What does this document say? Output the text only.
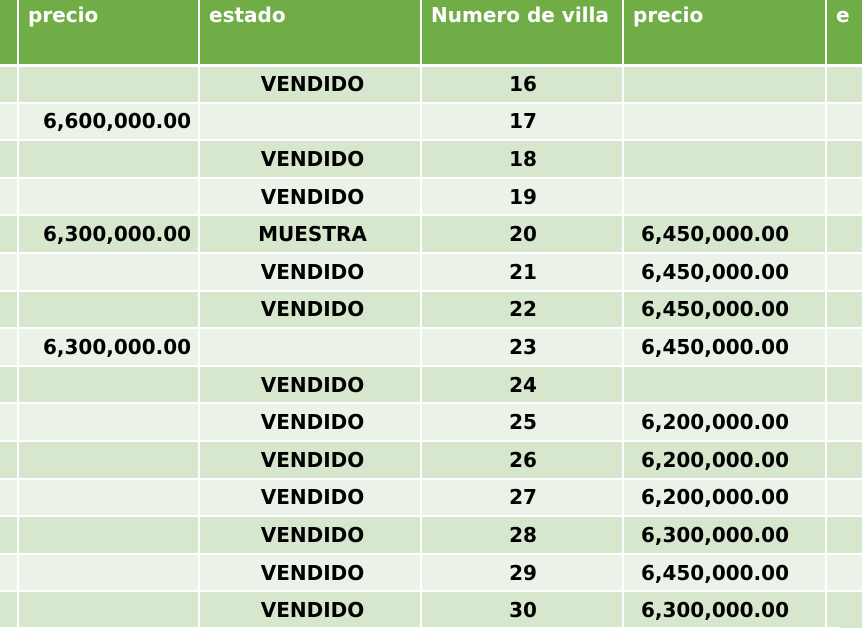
	precio	estado	Numero de villa	precio	e
		VENDIDO	16		
	6,600,000.00		17		
		VENDIDO	18		
		VENDIDO	19		
	6,300,000.00	MUESTRA	20	6,450,000.00	
		VENDIDO	21	6,450,000.00	
		VENDIDO	22	6,450,000.00	
	6,300,000.00		23	6,450,000.00	
		VENDIDO	24		
		VENDIDO	25	6,200,000.00	
		VENDIDO	26	6,200,000.00	
		VENDIDO	27	6,200,000.00	
		VENDIDO	28	6,300,000.00	
		VENDIDO	29	6,450,000.00	
		VENDIDO	30	6,300,000.00	
